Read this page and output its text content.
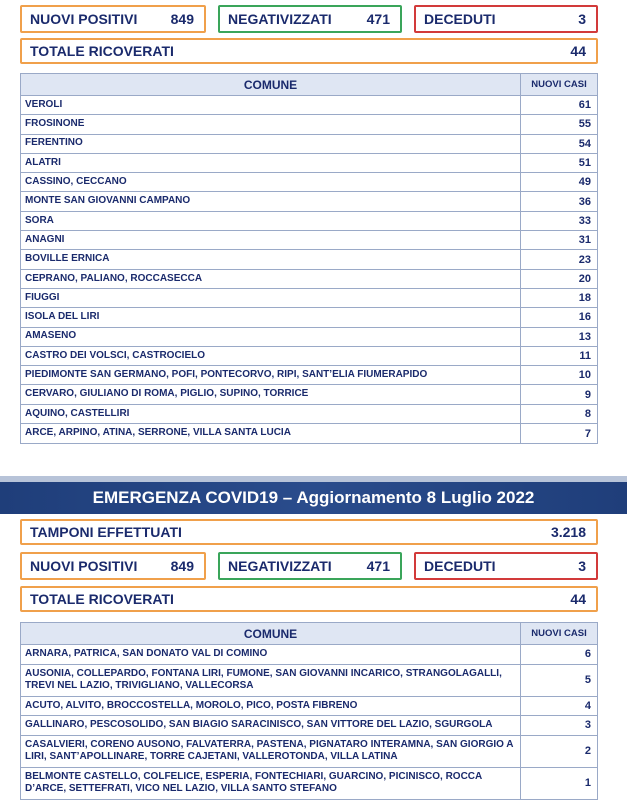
NUOVI POSITIVI 849 NEGATIVIZZATI 471 DECEDUTI	3
TOTALE RICOVERATI	44
COMUNE	NUOVI CASI
VEROLI	61
FROSINONE	55
FERENTINO	54
ALATRI	51
CASSINO, CECCANO	49
MONTE SAN GIOVANNI CAMPANO	36
SORA	33
ANAGNI	31
BOVILLE ERNICA	23
CEPRANO, PALIANO, ROCCASECCA	20
FIUGGI	18
ISOLA DEL LIRI	16
AMASENO	13
CASTRO DEI VOLSCI, CASTROCIELO	11
PIEDIMONTE SAN GERMANO, POFI, PONTECORVO, RIPI, SANT’ELIA FIUMERAPIDO	10
CERVARO, GIULIANO DI ROMA, PIGLIO, SUPINO, TORRICE	9
AQUINO, CASTELLIRI	8
ARCE, ARPINO, ATINA, SERRONE, VILLA SANTA LUCIA	7
EMERGENZA COVID19 – Aggiornamento 8 Luglio 2022
TAMPONI EFFETTUATI	3.218
NUOVI POSITIVI 849 NEGATIVIZZATI 471 DECEDUTI	3
TOTALE RICOVERATI	44
COMUNE	NUOVI CASI
ARNARA, PATRICA, SAN DONATO VAL DI COMINO	6
AUSONIA, COLLEPARDO, FONTANA LIRI, FUMONE, SAN GIOVANNI INCARICO, STRANGOLAGALLI, TREVI NEL LAZIO, TRIVIGLIANO, VALLECORSA	5
ACUTO, ALVITO, BROCCOSTELLA, MOROLO, PICO, POSTA FIBRENO	4
GALLINARO, PESCOSOLIDO, SAN BIAGIO SARACINISCO, SAN VITTORE DEL LAZIO, SGURGOLA	3
CASALVIERI, CORENO AUSONO, FALVATERRA, PASTENA, PIGNATARO INTERAMNA, SAN GIORGIO A LIRI, SANT’APOLLINARE, TORRE CAJETANI, VALLEROTONDA, VILLA LATINA	2
BELMONTE CASTELLO, COLFELICE, ESPERIA, FONTECHIARI, GUARCINO, PICINISCO, ROCCA D’ARCE, SETTEFRATI, VICO NEL LAZIO, VILLA SANTO STEFANO	1
